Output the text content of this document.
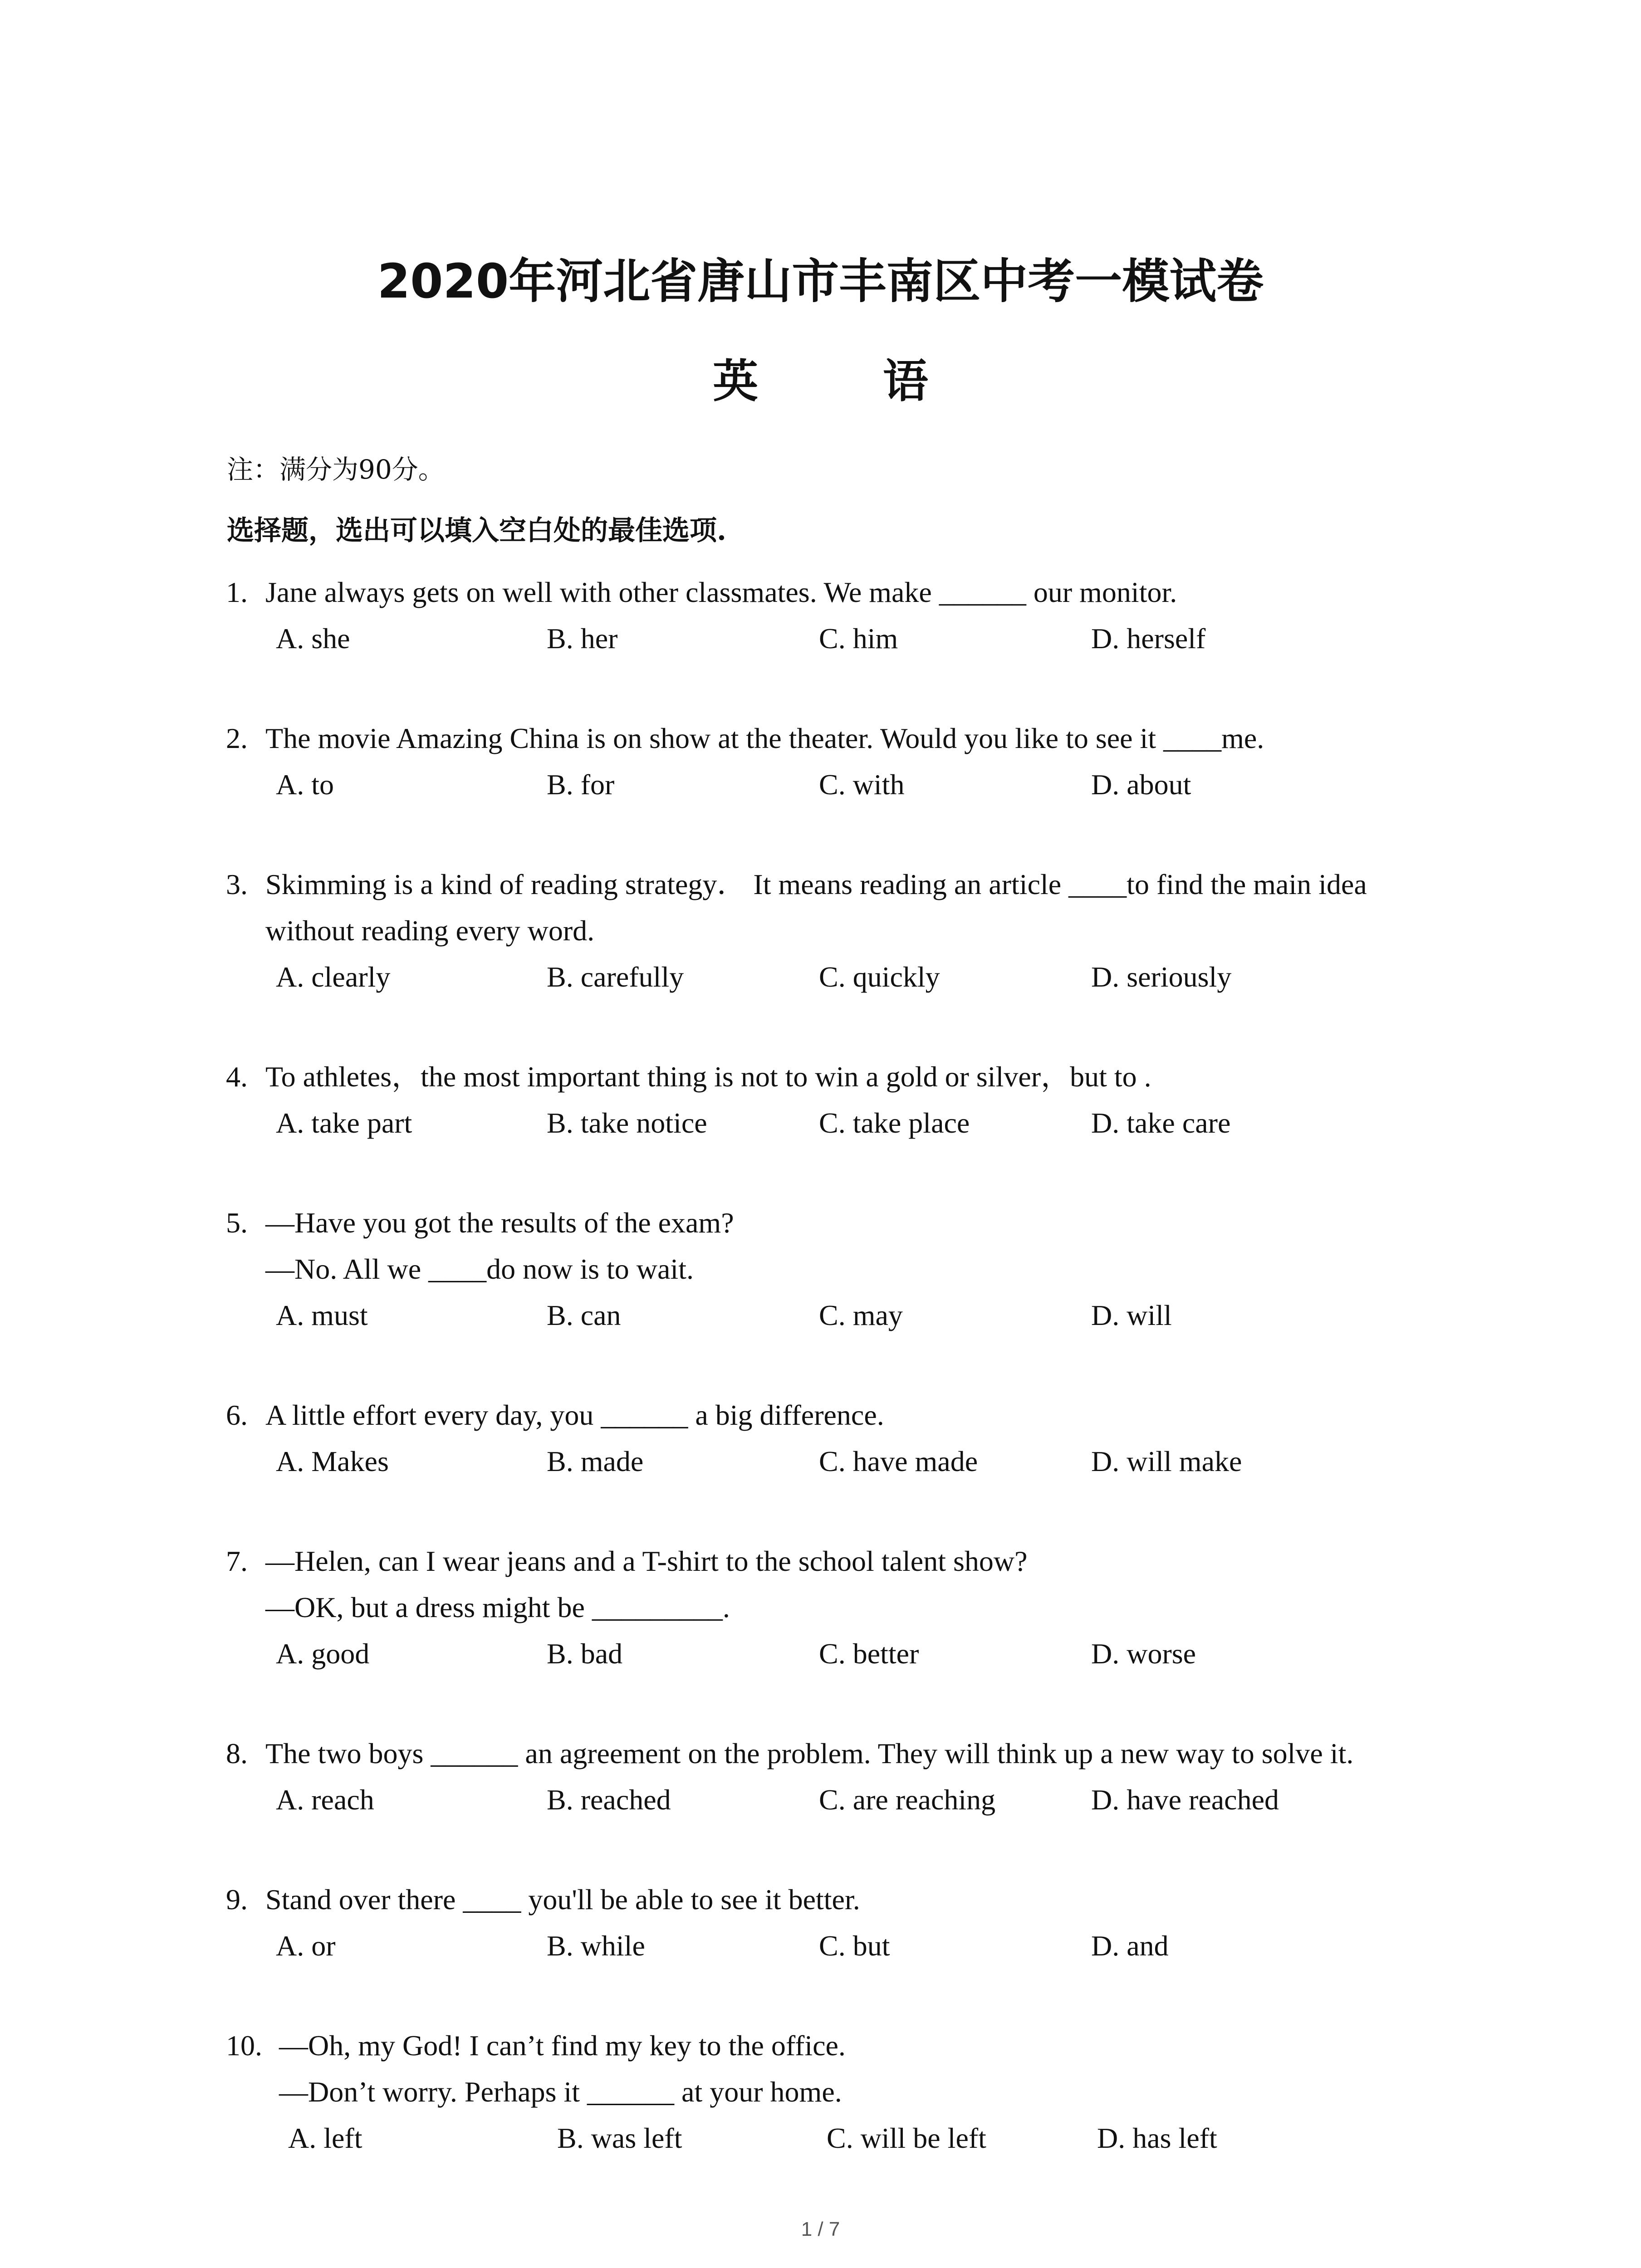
2020年河北省唐山市丰南区中考一模试卷
英 语
注：满分为90分。
选择题，选出可以填入空白处的最佳选项.
1. Jane always gets on well with other classmates. We make ______ our monitor.
A. she	B. her	C. him	D. herself
2. The movie Amazing China is on show at the theater. Would you like to see it ____me.
A. to	B. for	C. with	D. about
3. Skimming is a kind of reading strategy． It means reading an article ____to find the main idea
without reading every word.
A. clearly	B. carefully	C. quickly	D. seriously
4. To athletes，the most important thing is not to win a gold or silver，but to .
A. take part	B. take notice	C. take place	D. take care
5. —Have you got the results of the exam?
—No. All we ____do now is to wait.
A. must	B. can	C. may	D. will
6. A little effort every day, you ______ a big difference.
A. Makes	B. made	C. have made	D. will make
7. —Helen, can I wear jeans and a T-shirt to the school talent show?
—OK, but a dress might be _________.
A. good	B. bad	C. better	D. worse
8. The two boys ______ an agreement on the problem. They will think up a new way to solve it.
A. reach	B. reached	C. are reaching	D. have reached
9. Stand over there ____ you'll be able to see it better.
A. or	B. while	C. but	D. and
10. —Oh, my God! I can’t find my key to the office.
—Don’t worry. Perhaps it ______ at your home.
A. left	B. was left	C. will be left	D. has left
1 / 7
